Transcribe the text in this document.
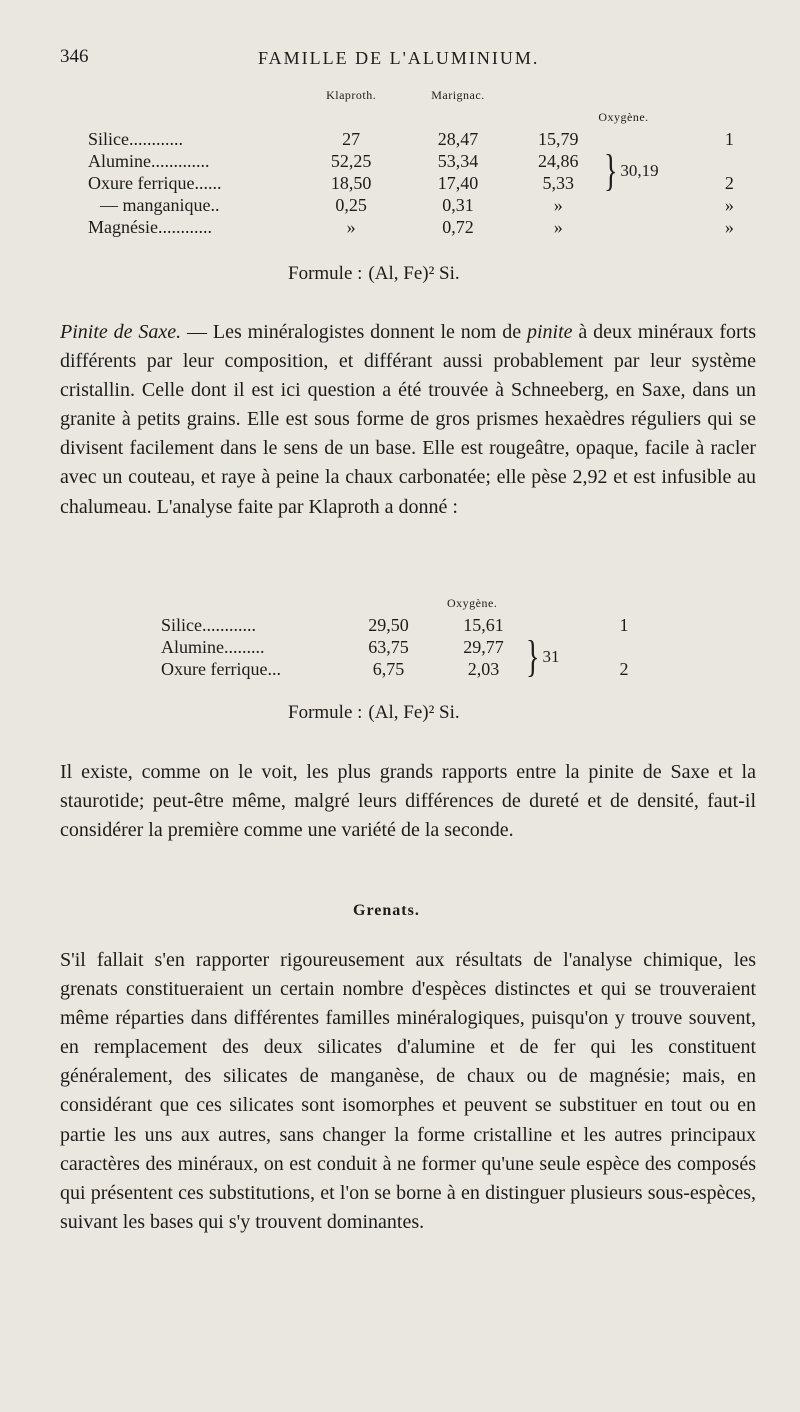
346	FAMILLE DE L'ALUMINIUM.
	Klaproth.	Marignac.			
			Oxygène.		
Silice............	27	28,47	15,79		1
Alumine.............	52,25	53,34	24,86	} 30,19	
Oxure ferrique......	18,50	17,40	5,33		2
— manganique..	0,25	0,31	»		»
Magnésie............	»	0,72	»		»
Formule : (Al, Fe)² Si.

Pinite de Saxe. — Les minéralogistes donnent le nom de pinite à deux minéraux forts différents par leur composition, et différant aussi probablement par leur système cristallin. Celle dont il est ici question a été trouvée à Schneeberg, en Saxe, dans un granite à petits grains. Elle est sous forme de gros prismes hexaèdres réguliers qui se divisent facilement dans le sens de un base. Elle est rougeâtre, opaque, facile à racler avec un couteau, et raye à peine la chaux carbonatée; elle pèse 2,92 et est infusible au chalumeau. L'analyse faite par Klaproth a donné :

		Oxygène.		
Silice............	29,50	15,61		1
Alumine.........	63,75	29,77	} 31	
Oxure ferrique...	6,75	2,03		2
Formule : (Al, Fe)² Si.

Il existe, comme on le voit, les plus grands rapports entre la pinite de Saxe et la staurotide; peut-être même, malgré leurs différences de dureté et de densité, faut-il considérer la première comme une variété de la seconde.

Grenats.

S'il fallait s'en rapporter rigoureusement aux résultats de l'analyse chimique, les grenats constitueraient un certain nombre d'espèces distinctes et qui se trouveraient même réparties dans différentes familles minéralogiques, puisqu'on y trouve souvent, en remplacement des deux silicates d'alumine et de fer qui les constituent généralement, des silicates de manganèse, de chaux ou de magnésie; mais, en considérant que ces silicates sont isomorphes et peuvent se substituer en tout ou en partie les uns aux autres, sans changer la forme cristalline et les autres principaux caractères des minéraux, on est conduit à ne former qu'une seule espèce des composés qui présentent ces substitutions, et l'on se borne à en distinguer plusieurs sous-espèces, suivant les bases qui s'y trouvent dominantes.
